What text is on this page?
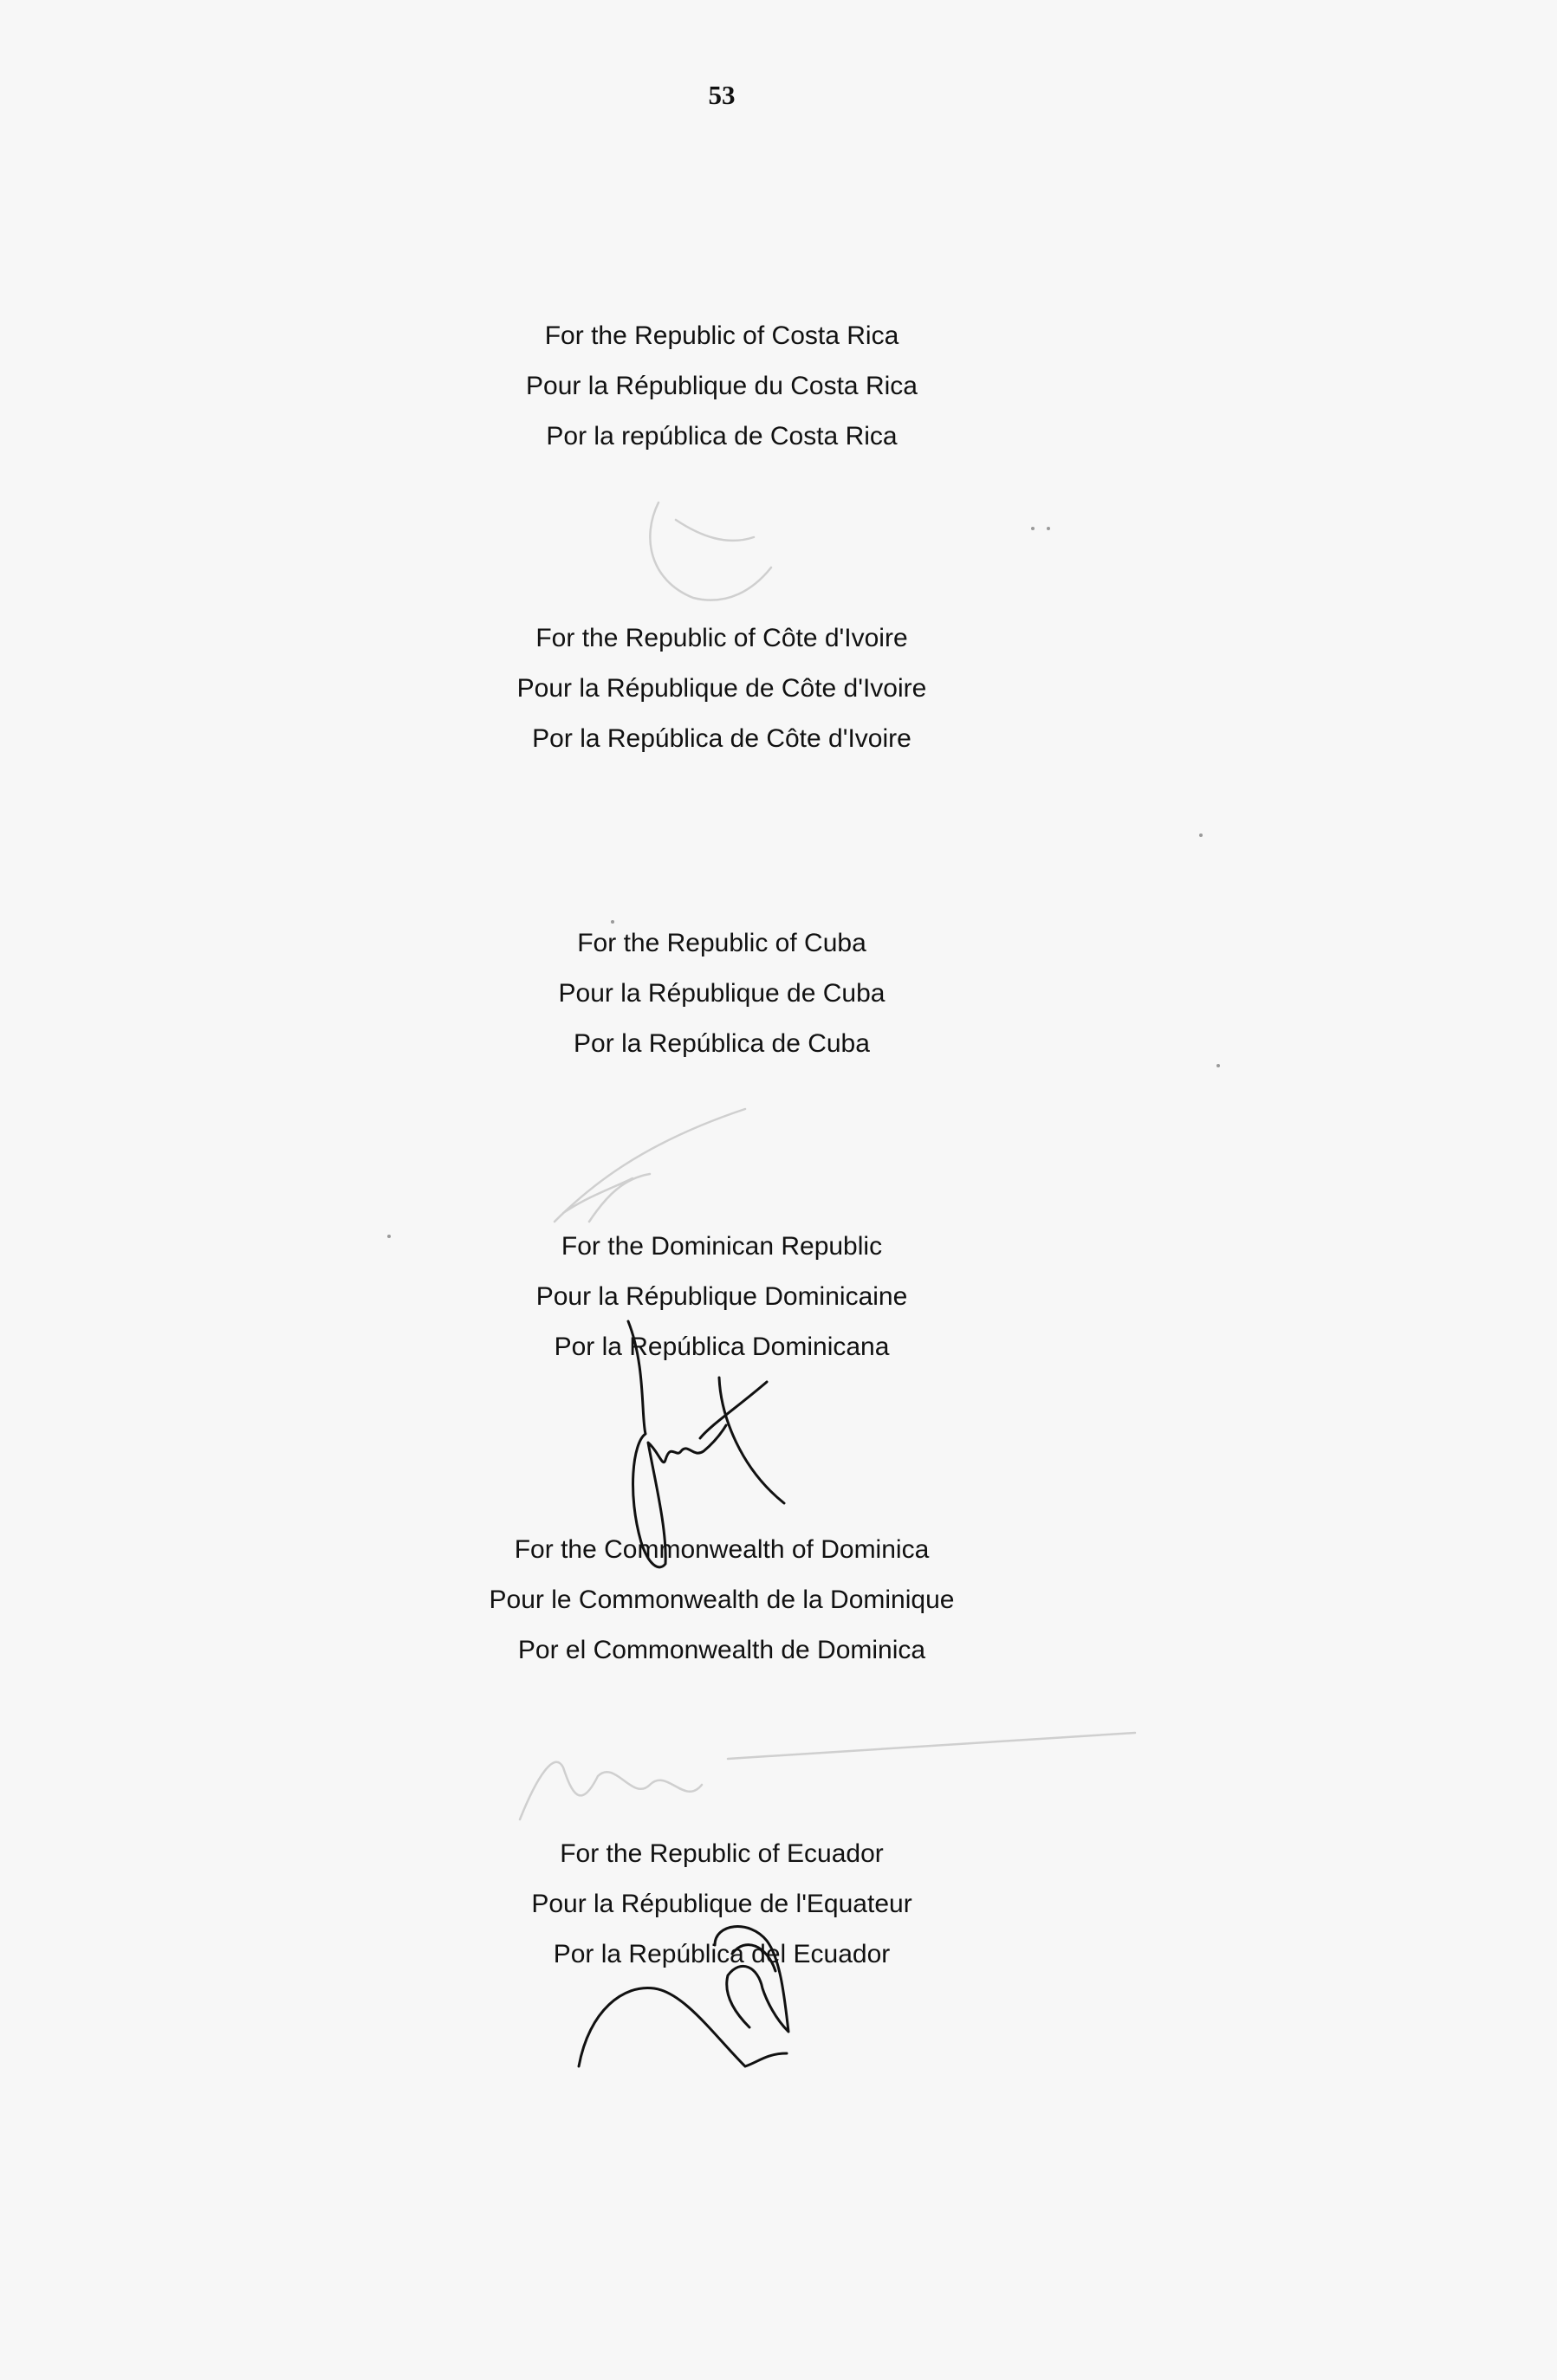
53
For the Republic of Costa Rica
Pour la République du Costa Rica
Por la república de Costa Rica
For the Republic of Côte d'Ivoire
Pour la République de Côte d'Ivoire
Por la República de Côte d'Ivoire
For the Republic of Cuba
Pour la République de Cuba
Por la República de Cuba
For the Dominican Republic
Pour la République Dominicaine
Por la República Dominicana
For the Commonwealth of Dominica
Pour le Commonwealth de la Dominique
Por el Commonwealth de Dominica
For the Republic of Ecuador
Pour la République de l'Equateur
Por la República del Ecuador
